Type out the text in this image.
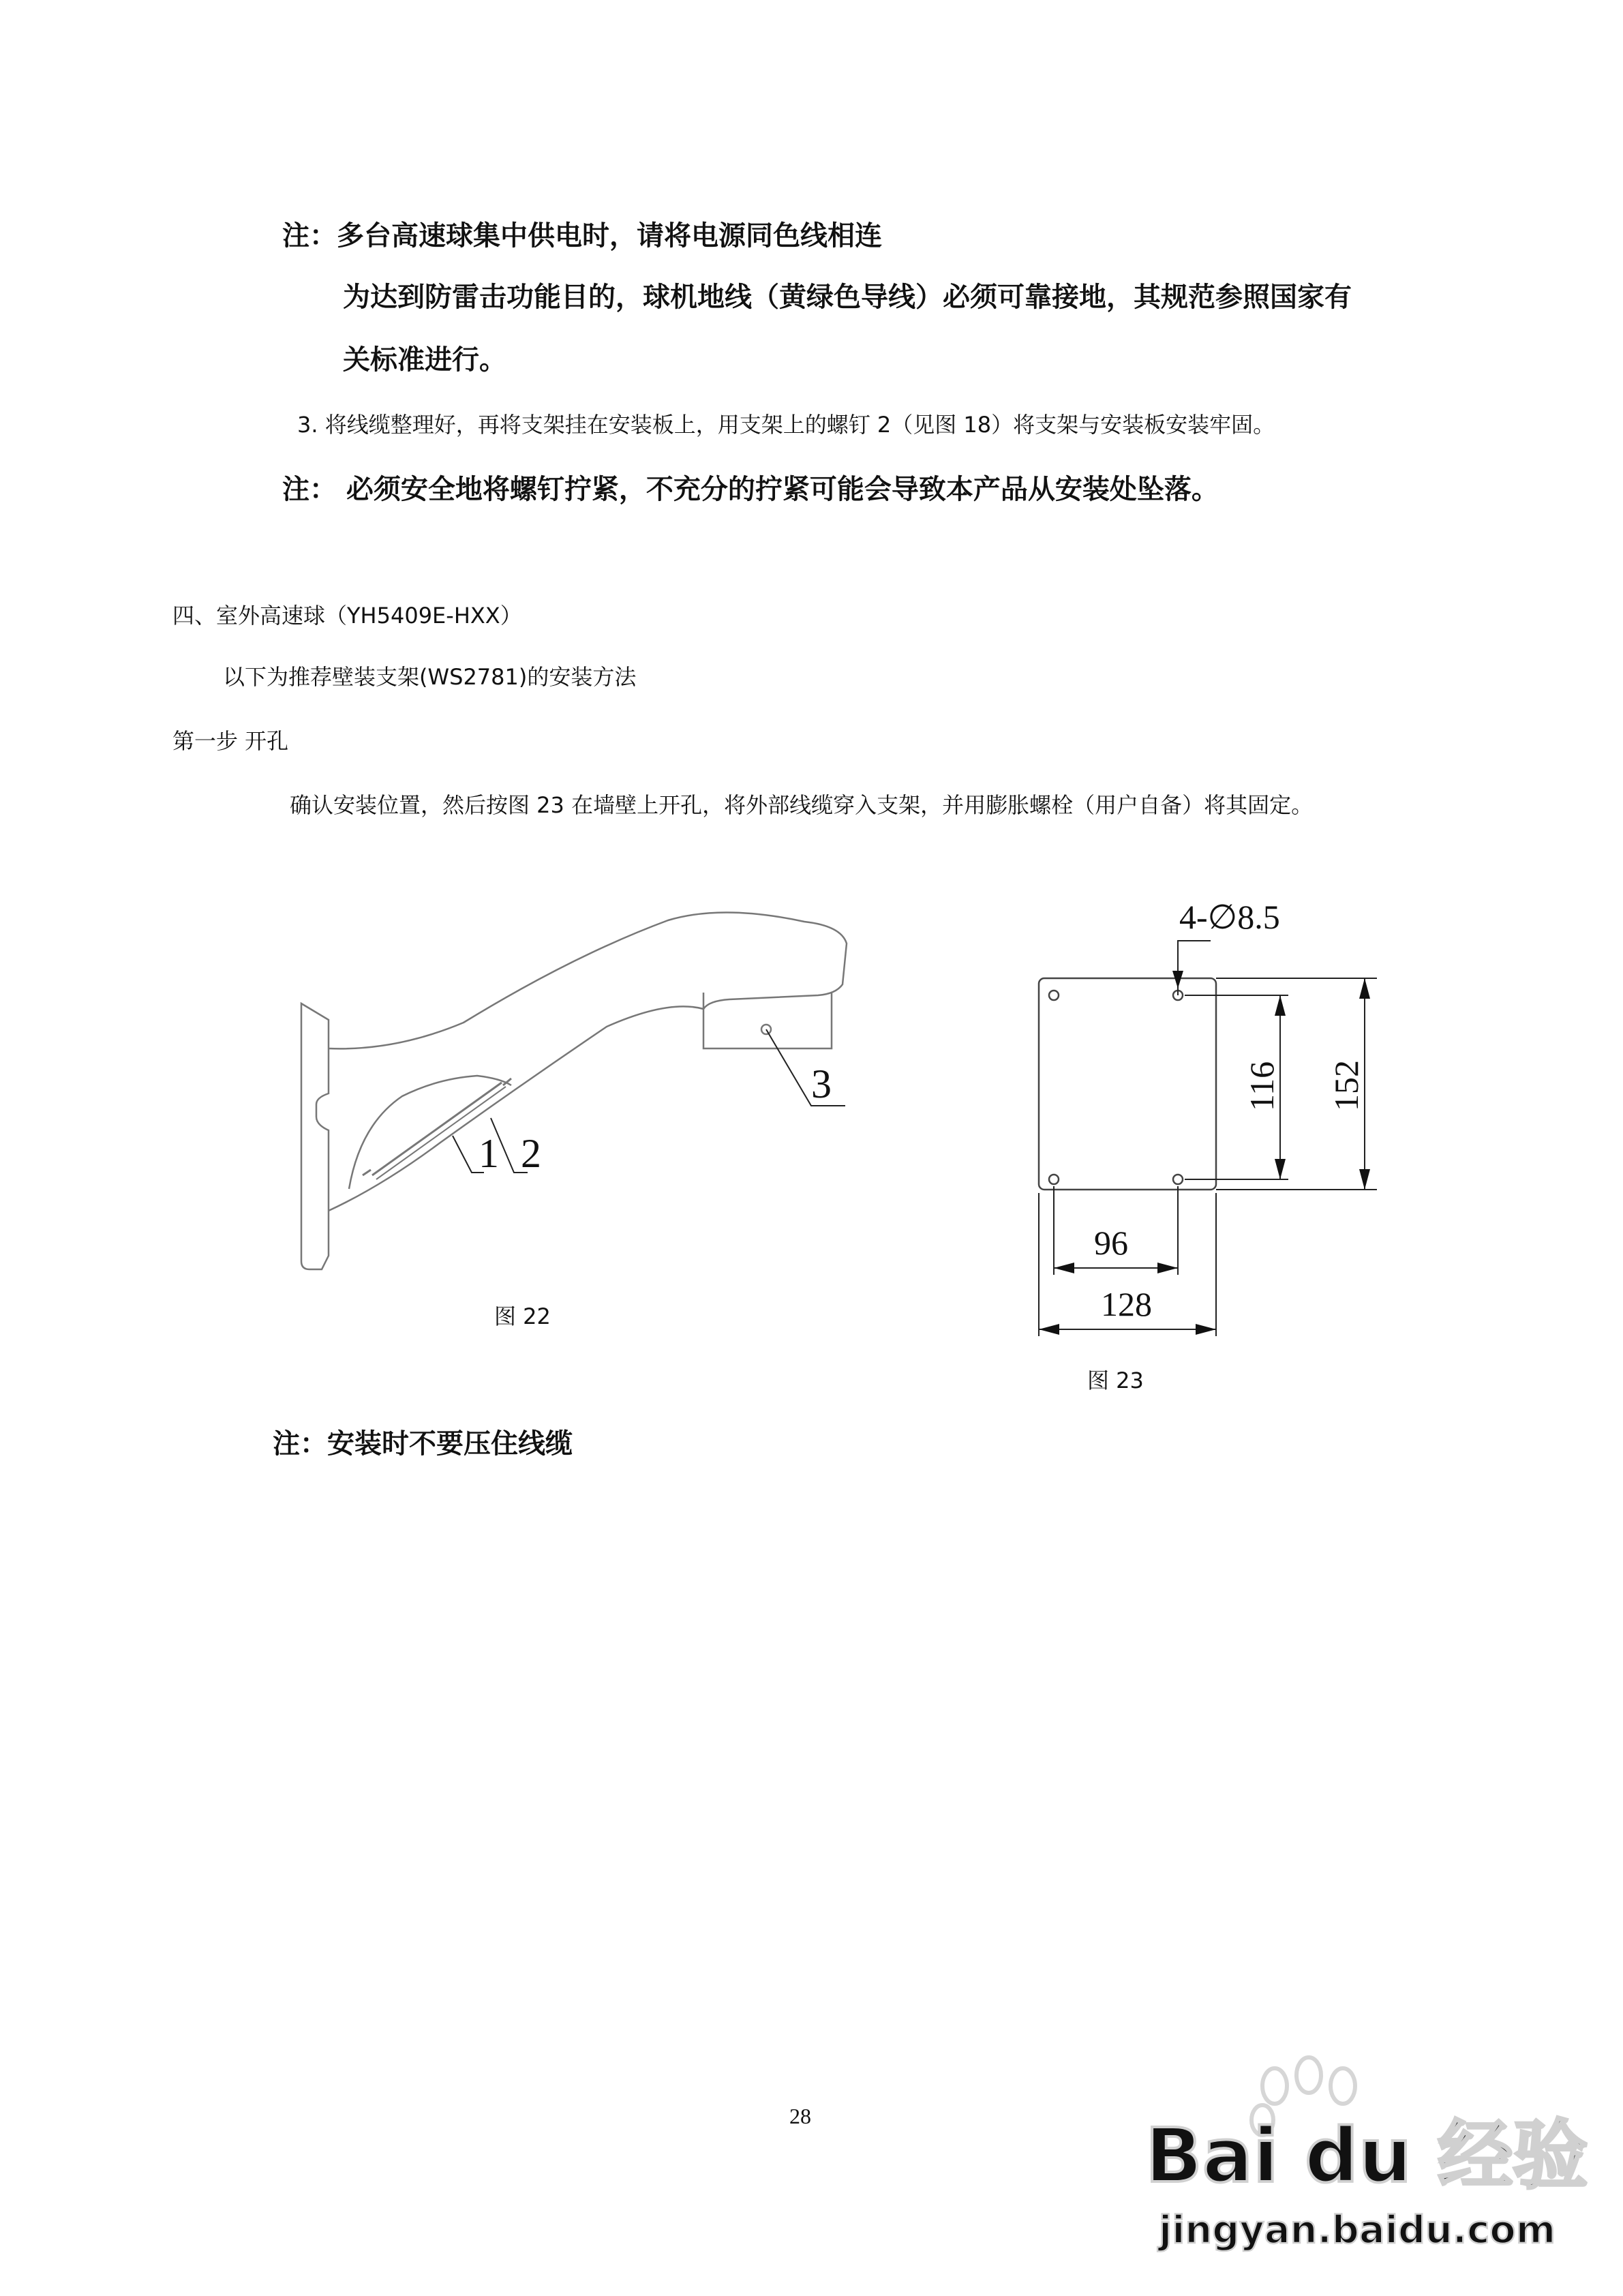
注：多台高速球集中供电时，请将电源同色线相连
为达到防雷击功能目的，球机地线（黄绿色导线）必须可靠接地，其规范参照国家有
关标准进行。
3. 将线缆整理好，再将支架挂在安装板上，用支架上的螺钉 2（见图 18）将支架与安装板安装牢固。
注： 必须安全地将螺钉拧紧，不充分的拧紧可能会导致本产品从安装处坠落。
四、室外高速球（YH5409E-HXX）
以下为推荐壁装支架(WS2781)的安装方法
第一步 开孔
确认安装位置，然后按图 23 在墙壁上开孔，将外部线缆穿入支架，并用膨胀螺栓（用户自备）将其固定。
1 2
3
图 22
4-∅8.5
116 152
96
128
图 23
注：安装时不要压住线缆
28	Bai du 经验
jingyan.baidu.com
